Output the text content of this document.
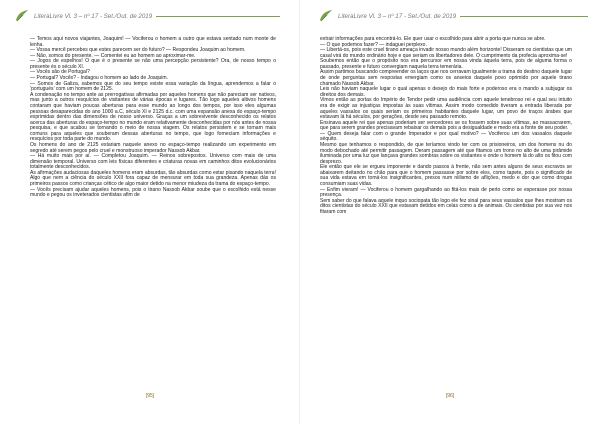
LiteraLivre Vl. 3 – nº 17 - Set./Out. de 2019

— Temos aqui novos viajantes, Joaquim! — Vociferou o homem a outro que estava sentado num monte de lenha.

— Vossa mercê percebes que estes parecem ser do futuro? — Respondeu Joaquim ao homem.

— Não, somos do presente. — Comentei eu ao homem ao aproximar-me.

— Jogos de espelhos! O que é o presente se não uma percepção persistente? Ora, de nosso tempo o presente és o século XI.

— Vocês são de Portugal?

— Portugal? Vocês? - Indagou o homem ao lado de Joaquim.

— Somos de Galiza, sabemos que do seu tempo existe essa variação da língua, aprendemos a falar o ‘portugués’ com um homem de 2125.

A condenação no tempo ante as prerrogativas afirmadas por aqueles homens que não pareciam ser nativos, mas junto a outros resquícios de visitantes de várias épocas e lugares. Tão logo aqueles altivos homens contaram que haviam poucas aberturas para esse mundo ao longo dos tempos, por isso eles algumas pessoas desaparecidas do ano 1000 a.C, século XI e 2125 d.c. com uma expansão anexa do espaço-tempo exprimidas dentro das dimensões de nosso universo. Graças a um sobrevivente desconhecido os relatos acerca das aberturas do espaço-tempo no mundo eram relativamente desconhecidas por nós antes de nossa pesquisa, e que acabou se tornando o meio de nossa viagem. Os relatos persistem e se tornam mais comuns para aqueles que souberam dessas aberturas no tempo, que logo forneciam informações e resquícios por toda parte do mundo.

Os homens do ano de 2125 estariam naquele anexo no espaço-tempo realizando um experimento em segredo até serem pegos pelo cruel e monstruoso imperador Nassob Akbar.

— Há muito mais por aí. — Completou Joaquim. — Reinos sobrepostos. Universo com mais de uma dimensão temporal. Universo com leis físicas diferentes e criaturas novas em caminhos ditos evolucionários totalmente desconhecidos.

As afirmações audaciosas daqueles homens eram absurdas, tão absurdas como estar pisando naquela terra! Algo que nem a ciência do século XXII fora capaz de mensurar em toda sua grandeza. Apenas dás os primeiros passos como crianças cético de algo maior detido na menor miudeza da trama do espaço-tempo.

— Vocês precisam ajudar aqueles homens, pois o tirano Nassob Akbar soube que o escolhido está nesse mundo e pegou os inveterados cientistas afim de

[95]
LiteraLivre Vl. 3 – nº 17 - Set./Out. de 2019

extrair informações para encontrá-lo. Ele quer usar o escolhido para abrir a porta que nunca se abre.

— O que podemos fazer? — indaguei perplexo.

— Libertá-os, pois este cruel tirano ameaça invadir nosso mundo além horizonte! Disseram os cientistas que um casal virá do mundo ordinário hoje e que seriam os libertadores dele. O cumprimento da profecia aproxima-se!

Soubemos então que o propósito nos era percursor em nossa vinda àquela terra, pois de alguma forma o passado, presente e futuro convergiam naquela terra temerária.

Assim partimos buscando compreender os laços que nos cerravam igualmente a trama do destino daquele lugar de onde perguntas sem respostas emergiam como os anseios daquele povo oprimido por aquele tirano chamado Nassob Akbar.

Leis não haviam naquele lugar o qual apenas o desejo do mais forte e poderoso era o mando a subjugar os direitos dos demais.

Vimos então as portas do Império de Tendor pedir uma audiência com aquele tenebroso rei e qual seu intuito era de exigir as injustiças impostas às suas vítimas. Assim modo comedido tiveram a entrada liberada por aqueles vassalos os quais seriam os primeiros habitantes daquele lugar, um povo de traços árabes que estavam lá há séculos, por gerações, desde seu passado remoto.

Ensinava aquele rei que apenas poderiam ser vencedores se os fossem sobre suas vítimas, ao massacrarem, que para serem grandes precisavam rebaixar os demais pois a desigualdade e medo era a fonte de seu poder.

— Quem deseja falar com o grande Imperador e por qual motivo? — Vociferou um dos vassalos daquele séquito.

Mesmo que tenhamos o respondido, de que teríamos vindo ter com os prisioneiros, um dos homens nu do modo debochado até permitir passagem. Deram passagem até que fitamos um trono no alto de uma pirâmide iluminada por uma luz que lançava grandes sombras sobre os visitantes e onde o homem lá do alto os fitou com desprezo.

Ele então que ele se ergueu imponente e dando passos à frente, não sem antes alguns de seus escravos se abaixarem deitando no chão para que o homem passasse por sobre eles, como tapete, pois o significado de sua vida estava em tomá-los insignificantes, presos num niilismo de aflições, medo e dor que como drogas consumiam suas vidas.

— Enfim vieram! — Vociferou o homem gargalhando ao fitá-los mais de perto como se esperasse por nossa presença.

Sem saber do que falava aquele inquo sociopata tão logo ele fez sinal para seus vassalos que lhes mostram os ditos cientistas do século XXII que estavam detidos em celas como a de animais. Os cientistas por sua vez nos fitaram com

[96]
